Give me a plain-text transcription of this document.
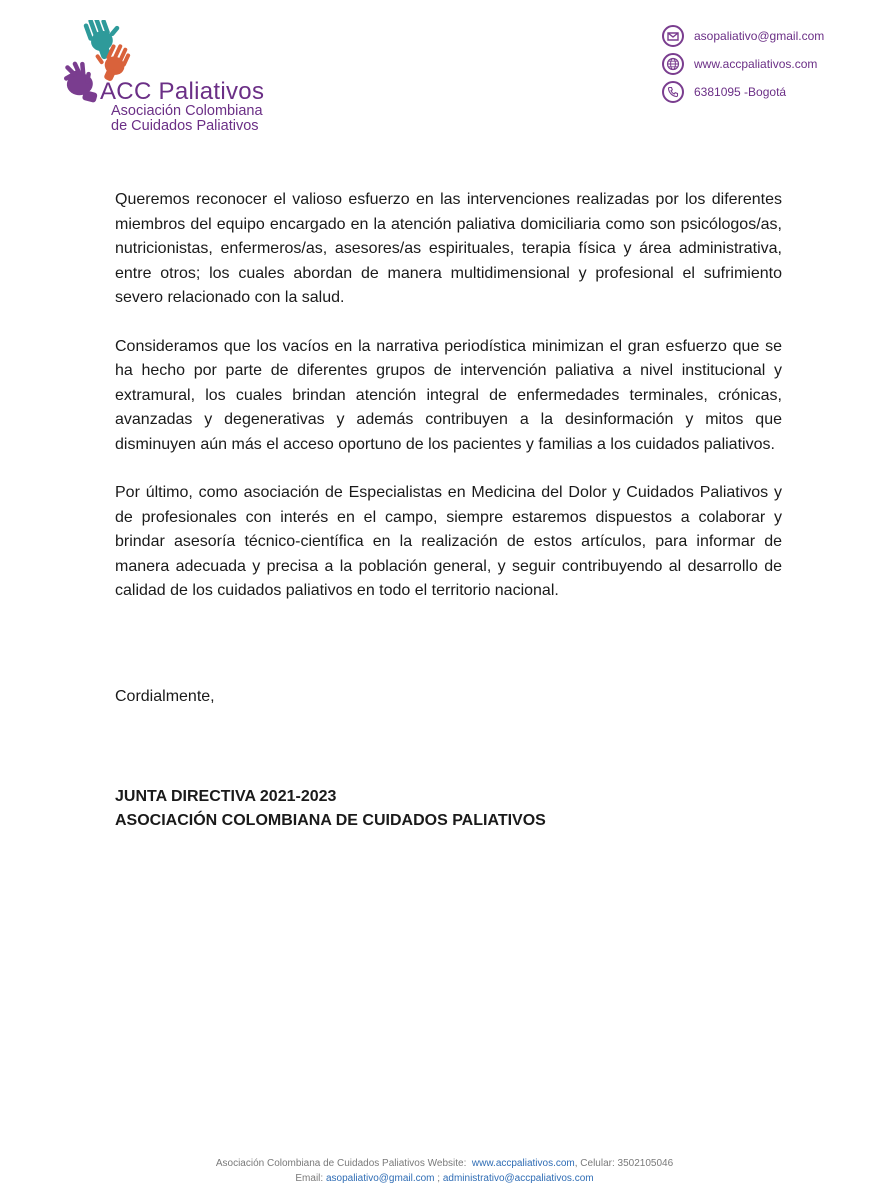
ACC Paliativos
Asociación Colombiana
de Cuidados Paliativos
asopaliativo@gmail.com
www.accpaliativos.com
6381095 -Bogotá

Queremos reconocer el valioso esfuerzo en las intervenciones realizadas por los diferentes miembros del equipo encargado en la atención paliativa domiciliaria como son psicólogos/as, nutricionistas, enfermeros/as, asesores/as espirituales, terapia física y área administrativa, entre otros; los cuales abordan de manera multidimensional y profesional el sufrimiento severo relacionado con la salud.

Consideramos que los vacíos en la narrativa periodística minimizan el gran esfuerzo que se ha hecho por parte de diferentes grupos de intervención paliativa a nivel institucional y extramural, los cuales brindan atención integral de enfermedades terminales, crónicas, avanzadas y degenerativas y además contribuyen a la desinformación y mitos que disminuyen aún más el acceso oportuno de los pacientes y familias a los cuidados paliativos.

Por último, como asociación de Especialistas en Medicina del Dolor y Cuidados Paliativos y de profesionales con interés en el campo, siempre estaremos dispuestos a colaborar y brindar asesoría técnico-científica en la realización de estos artículos, para informar de manera adecuada y precisa a la población general, y seguir contribuyendo al desarrollo de calidad de los cuidados paliativos en todo el territorio nacional.

Cordialmente,
JUNTA DIRECTIVA 2021-2023
ASOCIACIÓN COLOMBIANA DE CUIDADOS PALIATIVOS
Asociación Colombiana de Cuidados Paliativos Website: www.accpaliativos.com, Celular: 3502105046
Email: asopaliativo@gmail.com ; administrativo@accpaliativos.com
